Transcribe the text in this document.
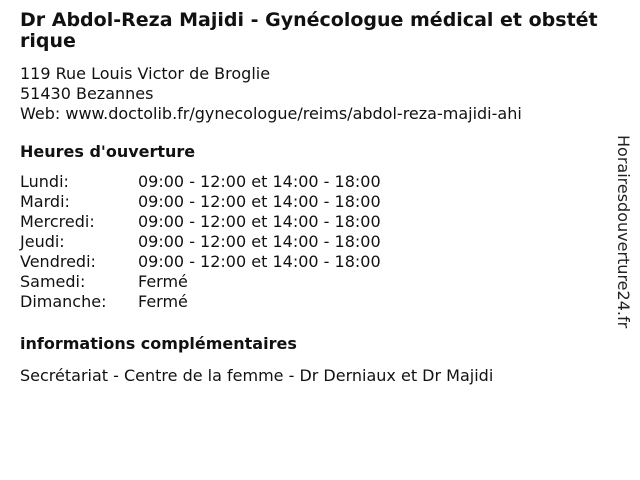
Dr Abdol-Reza Majidi - Gynécologue médical et obstétrique
119 Rue Louis Victor de Broglie
51430 Bezannes
Web: www.doctolib.fr/gynecologue/reims/abdol-reza-majidi-ahi
Heures d'ouverture
Lundi:	09:00 - 12:00 et 14:00 - 18:00
Mardi:	09:00 - 12:00 et 14:00 - 18:00
Mercredi:	09:00 - 12:00 et 14:00 - 18:00
Jeudi:	09:00 - 12:00 et 14:00 - 18:00
Vendredi:	09:00 - 12:00 et 14:00 - 18:00
Samedi:	Fermé
Dimanche:	Fermé
informations complémentaires
Secrétariat - Centre de la femme - Dr Derniaux et Dr Majidi
Horairesdouverture24.fr
